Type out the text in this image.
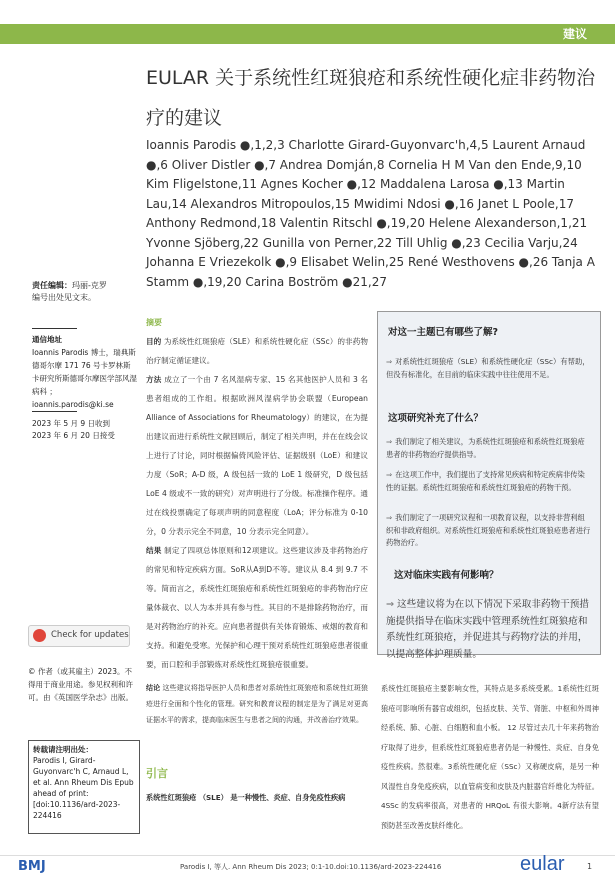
建议
EULAR 关于系统性红斑狼疮和系统性硬化症非药物治疗的建议
Ioannis Parodis ●,1,2,3 Charlotte Girard-Guyonvarc'h,4,5 Laurent Arnaud ●,6 Oliver Distler ●,7 Andrea Domján,8 Cornelia H M Van den Ende,9,10 Kim Fligelstone,11 Agnes Kocher ●,12 Maddalena Larosa ●,13 Martin Lau,14 Alexandros Mitropoulos,15 Mwidimi Ndosi ●,16 Janet L Poole,17 Anthony Redmond,18 Valentin Ritschl ●,19,20 Helene Alexanderson,1,21 Yvonne Sjöberg,22 Gunilla von Perner,22 Till Uhlig ●,23 Cecilia Varju,24 Johanna E Vriezekolk ●,9 Elisabet Welin,25 René Westhovens ●,26 Tanja A Stamm ●,19,20 Carina Boström ●21,27
责任编辑：玛丽-克罗
编号出处见文末。
通信地址
Ioannis Parodis 博士，瑞典斯德哥尔摩 171 76 号卡罗林斯卡研究所斯德哥尔摩医学部风湿病科 ； ioannis.parodis@ki.se
2023 年 5 月 9 日收到
2023 年 6 月 20 日接受
Check for updates
© 作者（或其雇主）2023。不得用于商业用途。参见权利和许可。由《英国医学杂志》出版。
转载请注明出处：
Parodis I, Girard-Guyonvarc'h C, Arnaud L, et al. Ann Rheum Dis Epub ahead of print: [doi:10.1136/ard-2023-224416
摘要
目的 为系统性红斑狼疮（SLE）和系统性硬化症（SSc）的非药物治疗制定循证建议。
方法 成立了一个由 7 名风湿病专家、15 名其他医护人员和 3 名患者组成的工作组。根据欧洲风湿病学协会联盟（European Alliance of Associations for Rheumatology）的建议，在为提出建议而进行系统性文献回顾后，制定了相关声明，并在在线会议上进行了讨论，同时根据偏倚风险评估、证据级别（LoE）和建议力度（SoR；A-D 级，A 级包括一致的 LoE 1 级研究，D 级包括 LoE 4 级或不一致的研究）对声明进行了分级。标准操作程序。通过在线投票确定了每项声明的同意程度（LoA；评分标准为 0-10 分，0 分表示完全不同意，10 分表示完全同意）。
结果 制定了四项总体原则和12项建议。这些建议涉及非药物治疗的常见和特定疾病方面。SoR从A到D不等。建议从 8.4 到 9.7 不等。简而言之，系统性红斑狼疮和系统性红斑狼疮的非药物治疗应量体裁衣、以人为本并具有参与性。其目的不是排除药物治疗，而是对药物治疗的补充。应向患者提供有关体育锻炼、戒烟的教育和支持。和避免受寒。光保护和心理干预对系统性红斑狼疮患者很重要，而口腔和手部锻炼对系统性红斑狼疮很重要。
结论 这些建议将指导医护人员和患者对系统性红斑狼疮和系统性红斑狼疮进行全面和个性化的管理。研究和教育议程的制定是为了满足对更高证据水平的需求，提高临床医生与患者之间的沟通，并改善治疗效果。
对这一主题已有哪些了解?
⇒ 对系统性红斑狼疮（SLE）和系统性硬化症（SSc）有帮助，但没有标准化，在目前的临床实践中往往使用不足。
这项研究补充了什么？
⇒ 我们制定了相关建议，为系统性红斑狼疮和系统性红斑狼疮患者的非药物治疗提供指导。
⇒ 在这项工作中，我们提出了支持常见疾病和特定疾病非传染性的证据。系统性红斑狼疮和系统性红斑狼疮的药物干预。
⇒ 我们制定了一项研究议程和一项教育议程，以支持非营利组织和非政府组织。对系统性红斑狼疮和系统性红斑狼疮患者进行药物治疗。
这对临床实践有何影响？
⇒ 这些建议将为在以下情况下采取非药物干预措施提供指导在临床实践中管理系统性红斑狼疮和系统性红斑狼疮，并促进其与药物疗法的并用，以提高整体护理质量。
系统性红斑狼疮主要影响女性，其特点是多系统受累。1系统性红斑狼疮可影响所有器官或组织，包括皮肤、关节、肾脏、中枢和外周神经系统、肺、心脏、白细胞和血小板。 12 尽管过去几十年来药物治疗取得了进步，但系统性红斑狼疮患者仍是一种慢性、炎症、自身免疫性疾病。然很难。3系统性硬化症（SSc）又称硬皮病，是另一种风湿性自身免疫疾病，以血管病变和皮肤及内脏器官纤维化为特征。4SSc 的发病率很高，对患者的 HRQoL 有很大影响。4新疗法有望预防甚至改善皮肤纤维化。
引言
系统性红斑狼疮 （SLE） 是一种慢性、炎症、自身免疫性疾病
BMJ	Parodis I, 等人. Ann Rheum Dis 2023; 0:1-10.doi:10.1136/ard-2023-224416	eular	1
